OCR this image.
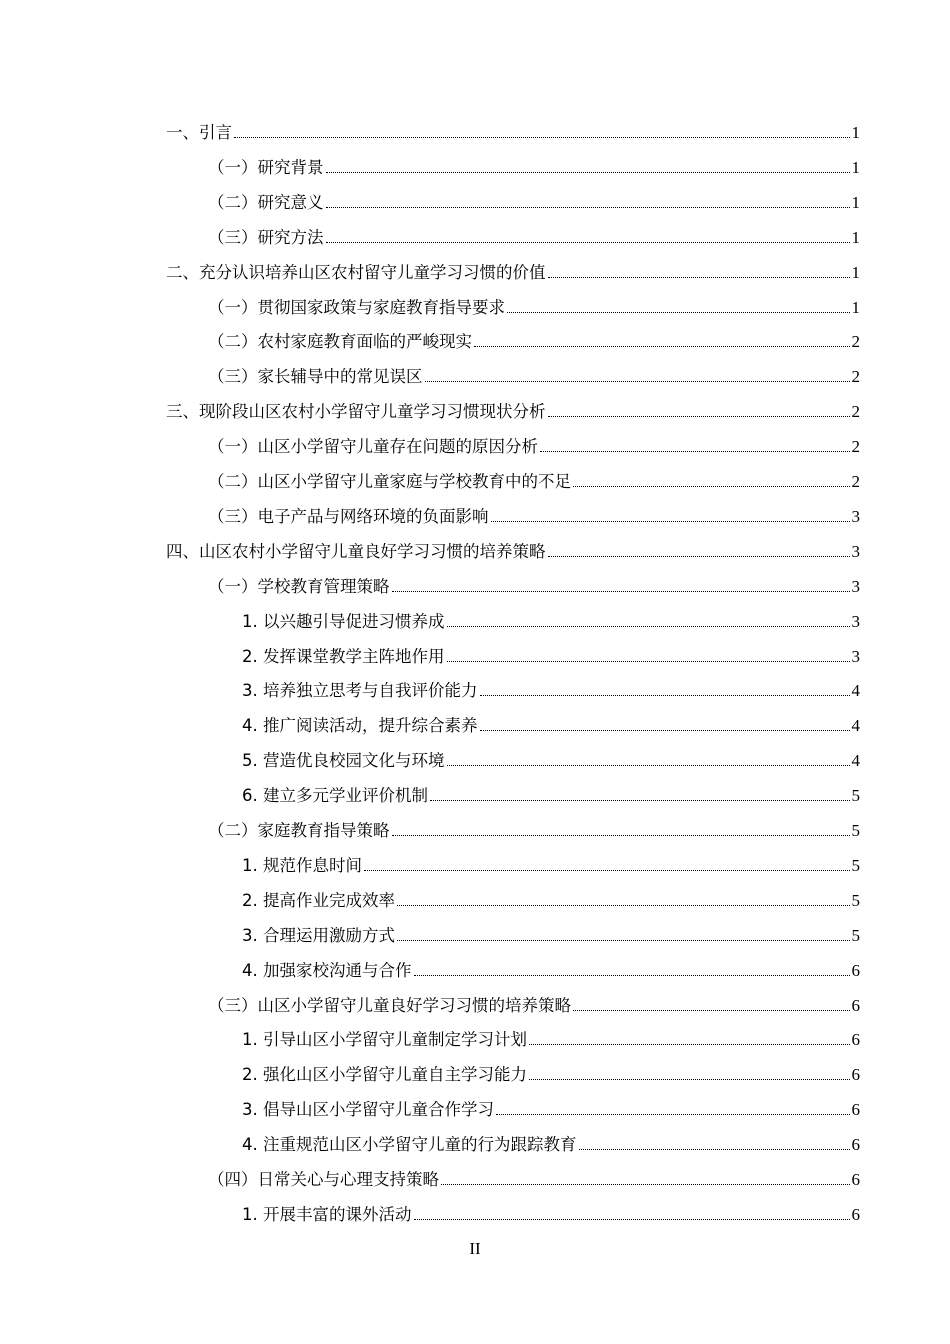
一、引言	1
（一）研究背景	1
（二）研究意义	1
（三）研究方法	1
二、充分认识培养山区农村留守儿童学习习惯的价值	1
（一）贯彻国家政策与家庭教育指导要求	1
（二）农村家庭教育面临的严峻现实	2
（三）家长辅导中的常见误区	2
三、现阶段山区农村小学留守儿童学习习惯现状分析	2
（一）山区小学留守儿童存在问题的原因分析	2
（二）山区小学留守儿童家庭与学校教育中的不足	2
（三）电子产品与网络环境的负面影响	3
四、山区农村小学留守儿童良好学习习惯的培养策略	3
（一）学校教育管理策略	3
1. 以兴趣引导促进习惯养成	3
2. 发挥课堂教学主阵地作用	3
3. 培养独立思考与自我评价能力	4
4. 推广阅读活动，提升综合素养	4
5. 营造优良校园文化与环境	4
6. 建立多元学业评价机制	5
（二）家庭教育指导策略	5
1. 规范作息时间	5
2. 提高作业完成效率	5
3. 合理运用激励方式	5
4. 加强家校沟通与合作	6
（三）山区小学留守儿童良好学习习惯的培养策略	6
1. 引导山区小学留守儿童制定学习计划	6
2. 强化山区小学留守儿童自主学习能力	6
3. 倡导山区小学留守儿童合作学习	6
4. 注重规范山区小学留守儿童的行为跟踪教育	6
（四）日常关心与心理支持策略	6
1. 开展丰富的课外活动	6
II
